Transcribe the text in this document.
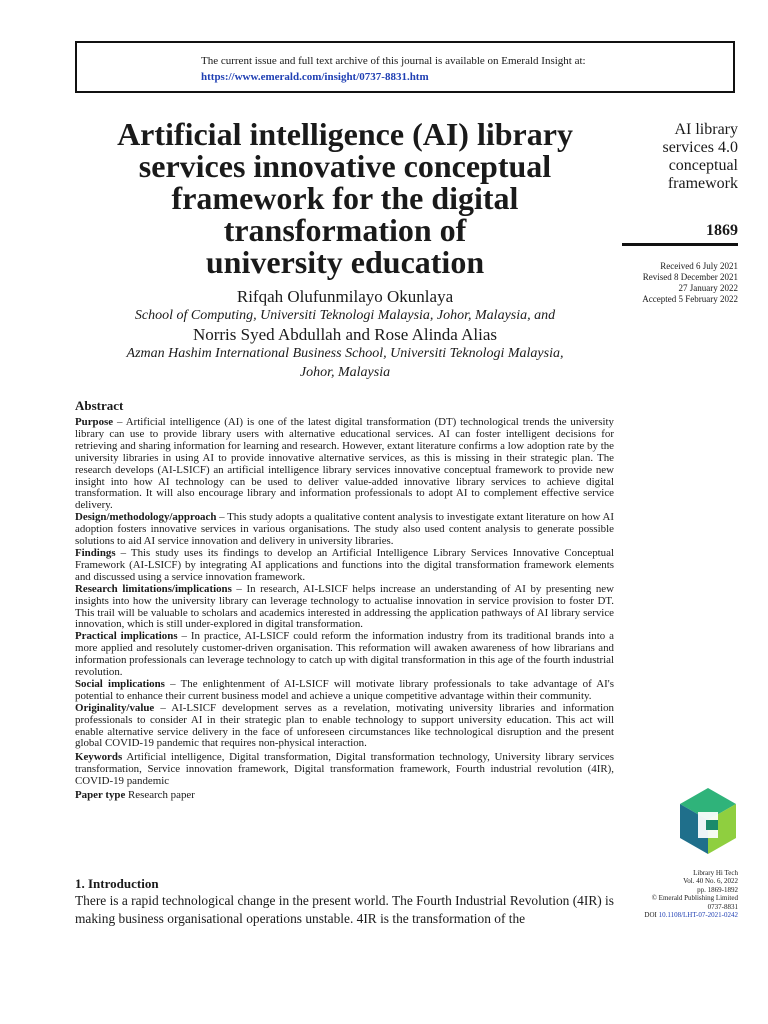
The current issue and full text archive of this journal is available on Emerald Insight at:
https://www.emerald.com/insight/0737-8831.htm
Artificial intelligence (AI) library
services innovative conceptual
framework for the digital
transformation of
university education
Rifqah Olufunmilayo Okunlaya
School of Computing, Universiti Teknologi Malaysia, Johor, Malaysia, and
Norris Syed Abdullah and Rose Alinda Alias
Azman Hashim International Business School, Universiti Teknologi Malaysia,
Johor, Malaysia
AI library
services 4.0
conceptual
framework
1869
Received 6 July 2021
Revised 8 December 2021
27 January 2022
Accepted 5 February 2022
Abstract

Purpose – Artificial intelligence (AI) is one of the latest digital transformation (DT) technological trends the university library can use to provide library users with alternative educational services. AI can foster intelligent decisions for retrieving and sharing information for learning and research. However, extant literature confirms a low adoption rate by the university libraries in using AI to provide innovative alternative services, as this is missing in their strategic plan. The research develops (AI-LSICF) an artificial intelligence library services innovative conceptual framework to provide new insight into how AI technology can be used to deliver value-added innovative library services to achieve digital transformation. It will also encourage library and information professionals to adopt AI to complement effective service delivery.

Design/methodology/approach – This study adopts a qualitative content analysis to investigate extant literature on how AI adoption fosters innovative services in various organisations. The study also used content analysis to generate possible solutions to aid AI service innovation and delivery in university libraries.

Findings – This study uses its findings to develop an Artificial Intelligence Library Services Innovative Conceptual Framework (AI-LSICF) by integrating AI applications and functions into the digital transformation framework elements and discussed using a service innovation framework.

Research limitations/implications – In research, AI-LSICF helps increase an understanding of AI by presenting new insights into how the university library can leverage technology to actualise innovation in service provision to foster DT. This trail will be valuable to scholars and academics interested in addressing the application pathways of AI library service innovation, which is still under-explored in digital transformation.

Practical implications – In practice, AI-LSICF could reform the information industry from its traditional brands into a more applied and resolutely customer-driven organisation. This reformation will awaken awareness of how librarians and information professionals can leverage technology to catch up with digital transformation in this age of the fourth industrial revolution.

Social implications – The enlightenment of AI-LSICF will motivate library professionals to take advantage of AI's potential to enhance their current business model and achieve a unique competitive advantage within their community.

Originality/value – AI-LSICF development serves as a revelation, motivating university libraries and information professionals to consider AI in their strategic plan to enable technology to support university education. This act will enable alternative service delivery in the face of unforeseen circumstances like technological disruption and the present global COVID-19 pandemic that requires non-physical interaction.

Keywords Artificial intelligence, Digital transformation, Digital transformation technology, University library services transformation, Service innovation framework, Digital transformation framework, Fourth industrial revolution (4IR), COVID-19 pandemic

Paper type Research paper

1. Introduction
There is a rapid technological change in the present world. The Fourth Industrial Revolution (4IR) is making business organisational operations unstable. 4IR is the transformation of the
Library Hi Tech
Vol. 40 No. 6, 2022
pp. 1869-1892
© Emerald Publishing Limited
0737-8831
DOI 10.1108/LHT-07-2021-0242
